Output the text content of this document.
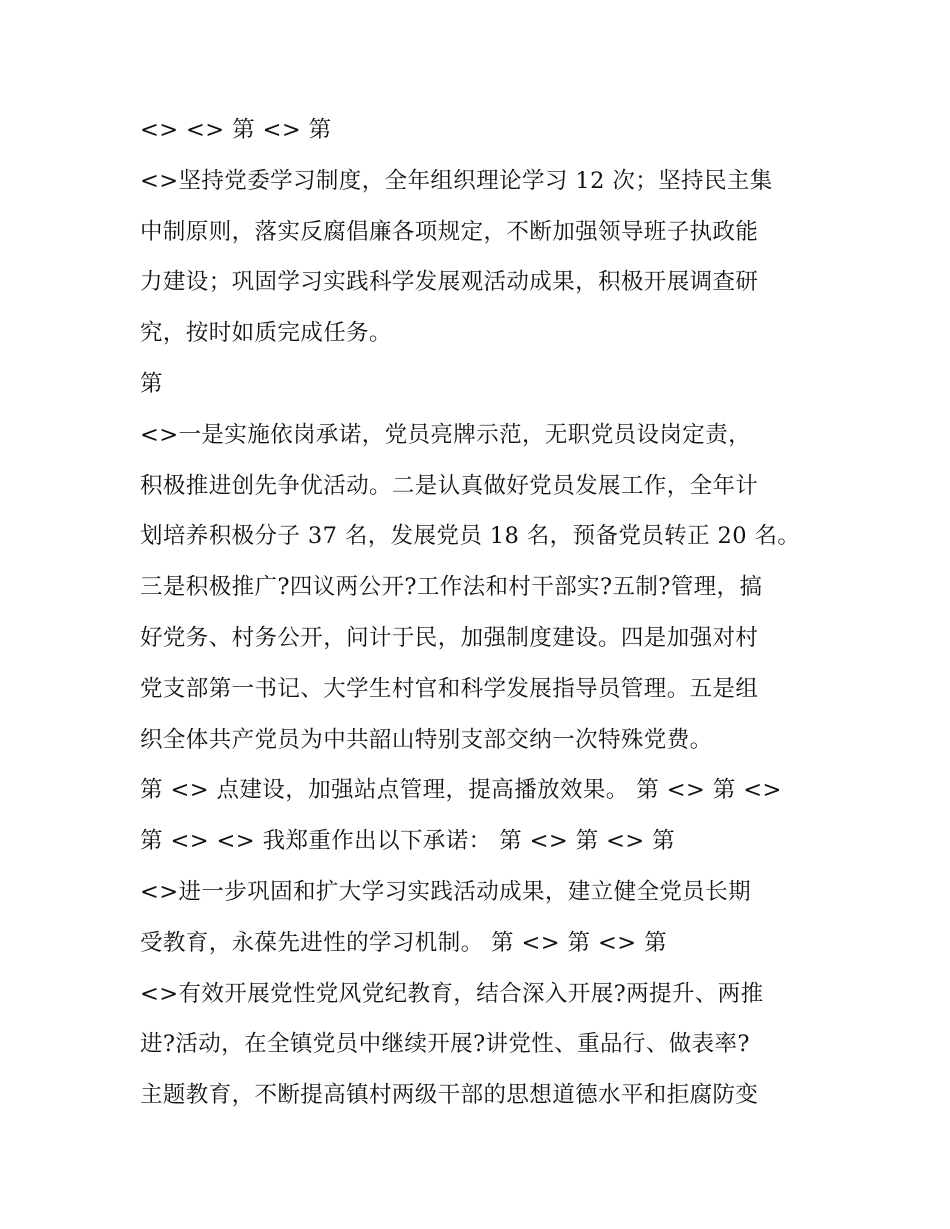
<> <> 第 <> 第
<>坚持党委学习制度，全年组织理论学习 12 次；坚持民主集
中制原则，落实反腐倡廉各项规定，不断加强领导班子执政能
力建设；巩固学习实践科学发展观活动成果，积极开展调查研
究，按时如质完成任务。
第
<>一是实施依岗承诺，党员亮牌示范，无职党员设岗定责，
积极推进创先争优活动。二是认真做好党员发展工作，全年计
划培养积极分子 37 名，发展党员 18 名，预备党员转正 20 名。
三是积极推广?四议两公开?工作法和村干部实?五制?管理，搞
好党务、村务公开，问计于民，加强制度建设。四是加强对村
党支部第一书记、大学生村官和科学发展指导员管理。五是组
织全体共产党员为中共韶山特别支部交纳一次特殊党费。
第 <> 点建设，加强站点管理，提高播放效果。 第 <> 第 <>
第 <> <> 我郑重作出以下承诺： 第 <> 第 <> 第
<>进一步巩固和扩大学习实践活动成果，建立健全党员长期
受教育，永葆先进性的学习机制。 第 <> 第 <> 第
<>有效开展党性党风党纪教育，结合深入开展?两提升、两推
进?活动，在全镇党员中继续开展?讲党性、重品行、做表率?
主题教育，不断提高镇村两级干部的思想道德水平和拒腐防变
